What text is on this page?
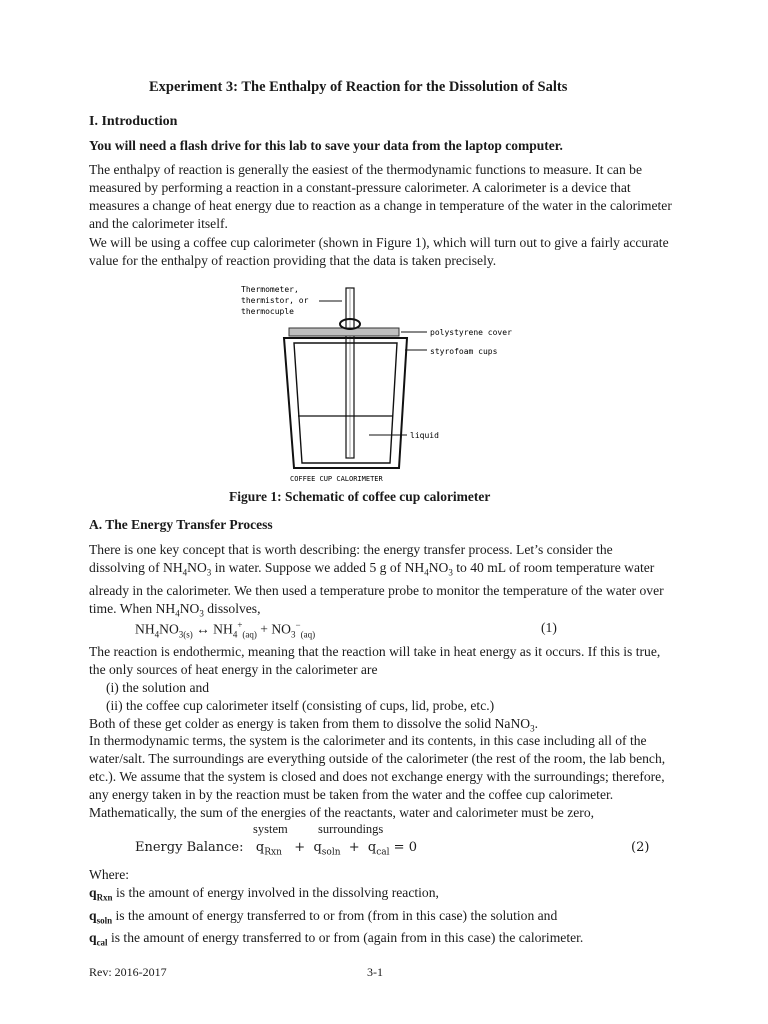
Experiment 3: The Enthalpy of Reaction for the Dissolution of Salts
I. Introduction
You will need a flash drive for this lab to save your data from the laptop computer.
The enthalpy of reaction is generally the easiest of the thermodynamic functions to measure. It can be measured by performing a reaction in a constant-pressure calorimeter. A calorimeter is a device that measures a change of heat energy due to reaction as a change in temperature of the water in the calorimeter and the calorimeter itself.
We will be using a coffee cup calorimeter (shown in Figure 1), which will turn out to give a fairly accurate value for the enthalpy of reaction providing that the data is taken precisely.
Thermometer,
thermistor, or
thermocuple
polystyrene cover
styrofoam cups
liquid
COFFEE CUP CALORIMETER
Figure 1: Schematic of coffee cup calorimeter
A. The Energy Transfer Process
There is one key concept that is worth describing: the energy transfer process. Let’s consider the
dissolving of $NH_4NO_3$ in water. Suppose we added 5 g of $NH_4NO_3$ to 40 mL of room temperature water
already in the calorimeter. We then used a temperature probe to monitor the temperature of the water over
time. When $NH_4NO_3$ dissolves,
$NH_4NO_{3(s)}$ ↔ $NH_4^+_{(aq)} + NO_3^-_{(aq)}$	(1)
The reaction is endothermic, meaning that the reaction will take in heat energy as it occurs. If this is true,
the only sources of heat energy in the calorimeter are
(i) the solution and
(ii) the coffee cup calorimeter itself (consisting of cups, lid, probe, etc.)
Both of these get colder as energy is taken from them to dissolve the solid NaNO$_3$.
In thermodynamic terms, the system is the calorimeter and its contents, in this case including all of the water/salt. The surroundings are everything outside of the calorimeter (the rest of the room, the lab bench, etc.). We assume that the system is closed and does not exchange energy with the surroundings; therefore, any energy taken in by the reaction must be taken from the water and the coffee cup calorimeter. Mathematically, the sum of the energies of the reactants, water and calorimeter must be zero,
system surroundings
Energy Balance:   $q_{Rxn} + q_{soln} + q_{cal} = 0$	(2)
Where:
$q_{Rxn}$ is the amount of energy involved in the dissolving reaction,
$q_{soln}$ is the amount of energy transferred to or from (from in this case) the solution and
$q_{cal}$ is the amount of energy transferred to or from (again from in this case) the calorimeter.
Rev: 2016-2017	3-1
